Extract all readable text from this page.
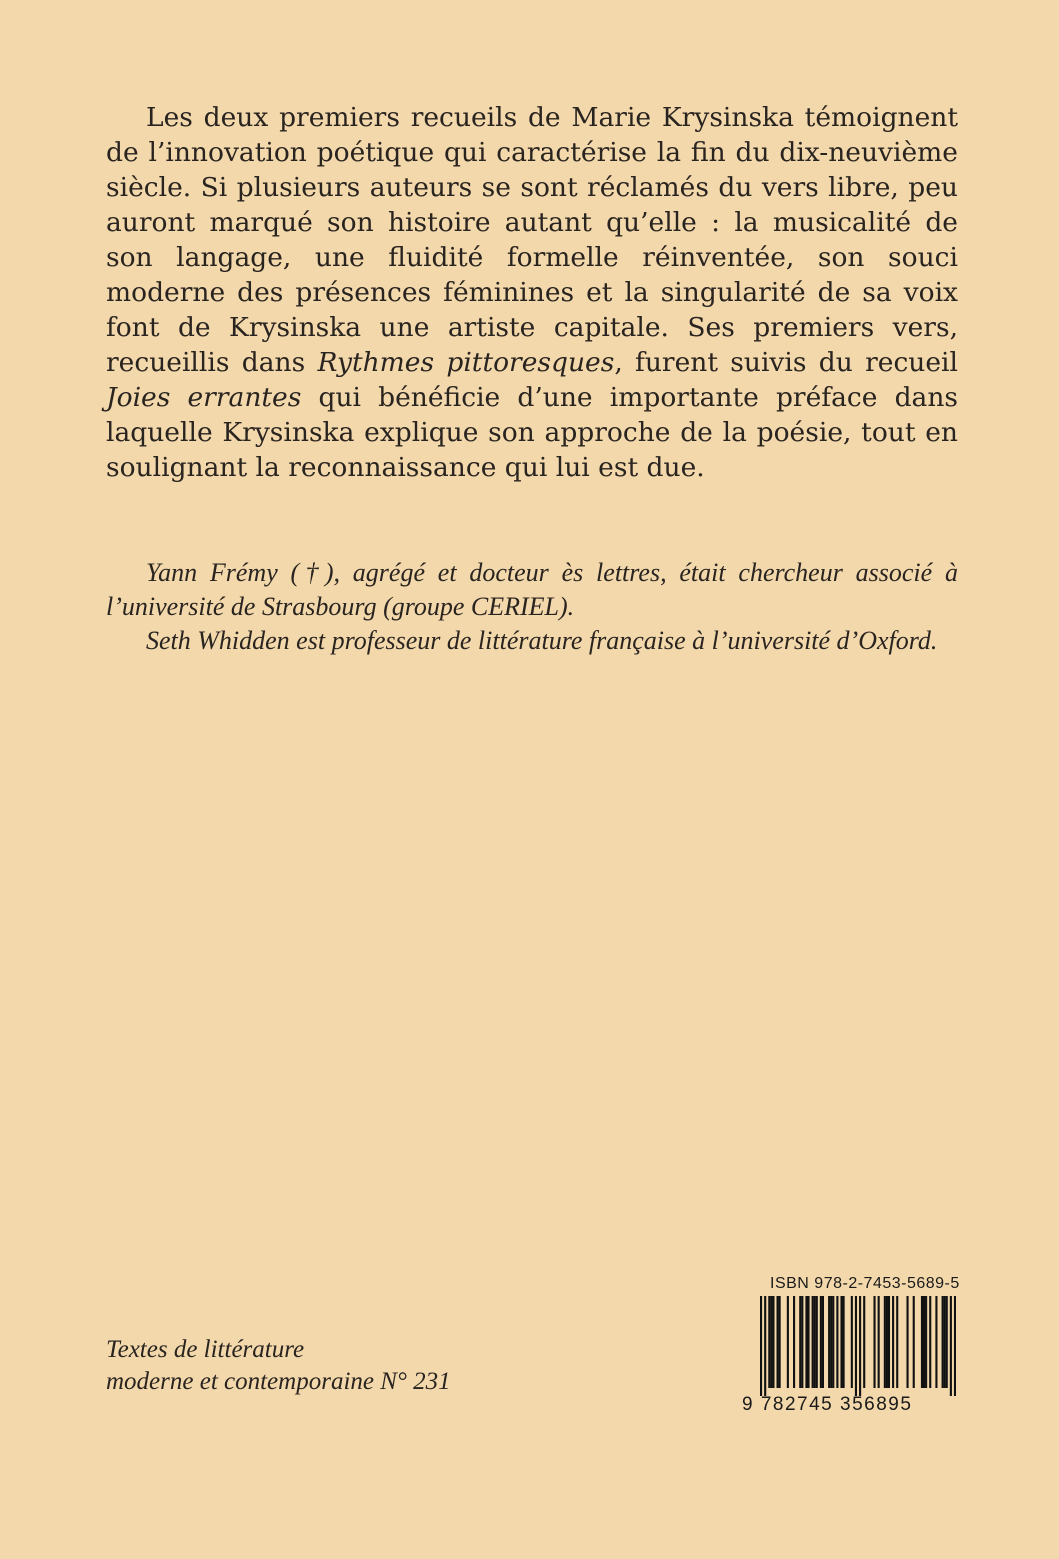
Les deux premiers recueils de Marie Krysinska témoignent de l’innovation poétique qui caractérise la fin du dix-neuvième siècle. Si plusieurs auteurs se sont réclamés du vers libre, peu auront marqué son histoire autant qu’elle : la musicalité de son langage, une fluidité formelle réinventée, son souci moderne des présences féminines et la singularité de sa voix font de Krysinska une artiste capitale. Ses premiers vers, recueillis dans Rythmes pittoresques, furent suivis du recueil Joies errantes qui bénéficie d’une importante préface dans laquelle Krysinska explique son approche de la poésie, tout en soulignant la reconnaissance qui lui est due.

Yann Frémy (†), agrégé et docteur ès lettres, était chercheur associé à l’université de Strasbourg (groupe CERIEL).

Seth Whidden est professeur de littérature française à l’université d’Oxford.

Textes de littérature
moderne et contemporaine N° 231
ISBN 978-2-7453-5689-5
9 782745 356895
